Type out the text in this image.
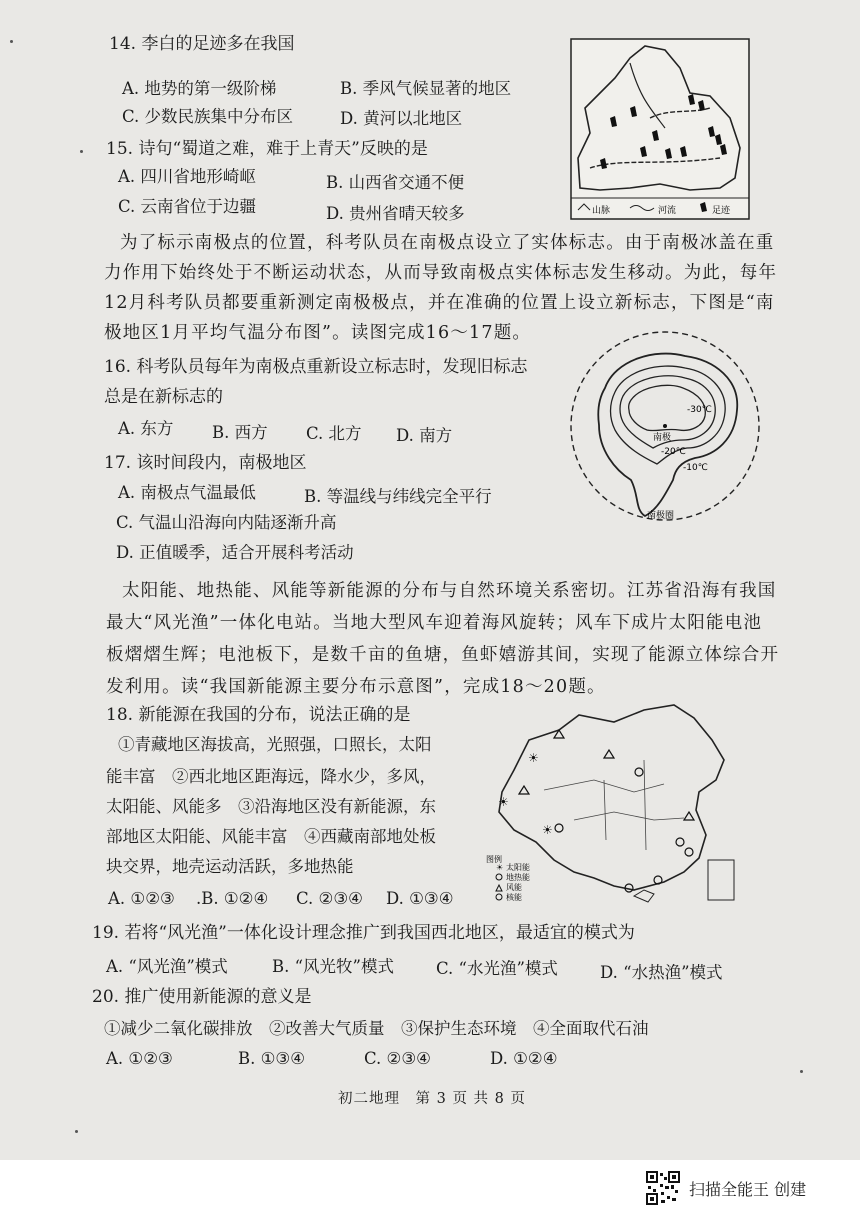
14. 李白的足迹多在我国
A. 地势的第一级阶梯	B. 季风气候显著的地区
C. 少数民族集中分布区	D. 黄河以北地区
15. 诗句“蜀道之难，难于上青天”反映的是
A. 四川省地形崎岖	B. 山西省交通不便
C. 云南省位于边疆	D. 贵州省晴天较多	山脉	河流	足迹
为了标示南极点的位置，科考队员在南极点设立了实体标志。由于南极冰盖在重
力作用下始终处于不断运动状态，从而导致南极点实体标志发生移动。为此，每年
12月科考队员都要重新测定南极极点，并在准确的位置上设立新标志，下图是“南
极地区1月平均气温分布图”。读图完成16～17题。
16. 科考队员每年为南极点重新设立标志时，发现旧标志
总是在新标志的
A. 东方 B. 西方 C. 北方 D. 南方
17. 该时间段内，南极地区
A. 南极点气温最低	B. 等温线与纬线完全平行
C. 气温山沿海向内陆逐渐升高
D. 正值暖季，适合开展科考活动
-30℃
南极
-20℃
-10℃
南极圈
太阳能、地热能、风能等新能源的分布与自然环境关系密切。江苏省沿海有我国
最大“风光渔”一体化电站。当地大型风车迎着海风旋转；风车下成片太阳能电池
板熠熠生辉；电池板下，是数千亩的鱼塘，鱼虾嬉游其间，实现了能源立体综合开
发利用。读“我国新能源主要分布示意图”，完成18～20题。
18. 新能源在我国的分布，说法正确的是
①青藏地区海拔高，光照强，口照长，太阳
能丰富　②西北地区距海远，降水少，多风，
太阳能、风能多　③沿海地区没有新能源，东
部地区太阳能、风能丰富　④西藏南部地处板
块交界，地壳运动活跃，多地热能
A. ①②③ .B. ①②④ C. ②③④ D. ①③④
☀
☀
☀
图例
太阳能
地热能
风能
核能
☀
19. 若将“风光渔”一体化设计理念推广到我国西北地区，最适宜的模式为
A. “风光渔”模式	B. “风光牧”模式	C. “水光渔”模式	D. “水热渔”模式
20. 推广使用新能源的意义是
①减少二氧化碳排放　②改善大气质量　③保护生态环境　④全面取代石油
A. ①②③	B. ①③④	C. ②③④	D. ①②④
初二地理　第 3 页 共 8 页
扫描全能王 创建
